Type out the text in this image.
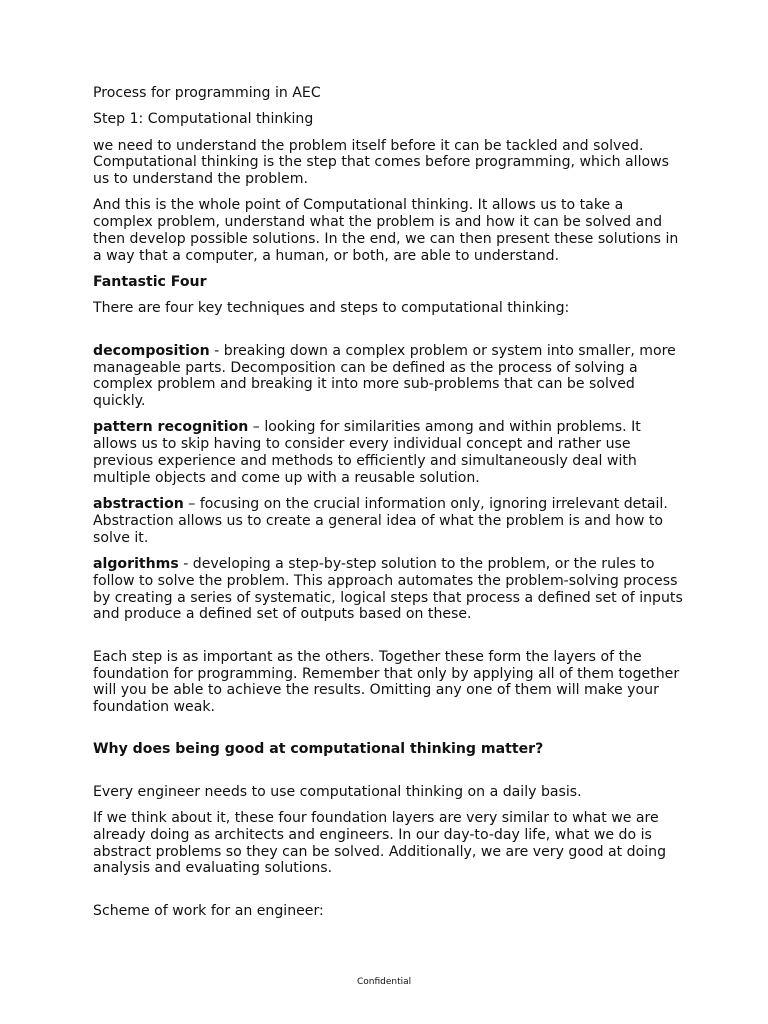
Process for programming in AEC

Step 1: Computational thinking

we need to understand the problem itself before it can be tackled and solved. Computational thinking is the step that comes before programming, which allows us to understand the problem.

And this is the whole point of Computational thinking. It allows us to take a complex problem, understand what the problem is and how it can be solved and then develop possible solutions. In the end, we can then present these solutions in a way that a computer, a human, or both, are able to understand.

Fantastic Four

There are four key techniques and steps to computational thinking:

decomposition - breaking down a complex problem or system into smaller, more manageable parts. Decomposition can be defined as the process of solving a complex problem and breaking it into more sub-problems that can be solved quickly.

pattern recognition – looking for similarities among and within problems. It allows us to skip having to consider every individual concept and rather use previous experience and methods to efficiently and simultaneously deal with multiple objects and come up with a reusable solution.

abstraction – focusing on the crucial information only, ignoring irrelevant detail. Abstraction allows us to create a general idea of what the problem is and how to solve it.

algorithms - developing a step-by-step solution to the problem, or the rules to follow to solve the problem. This approach automates the problem-solving process by creating a series of systematic, logical steps that process a defined set of inputs and produce a defined set of outputs based on these.

Each step is as important as the others. Together these form the layers of the foundation for programming. Remember that only by applying all of them together will you be able to achieve the results. Omitting any one of them will make your foundation weak.

Why does being good at computational thinking matter?

Every engineer needs to use computational thinking on a daily basis.

If we think about it, these four foundation layers are very similar to what we are already doing as architects and engineers. In our day-to-day life, what we do is abstract problems so they can be solved. Additionally, we are very good at doing analysis and evaluating solutions.

Scheme of work for an engineer:

Confidential
